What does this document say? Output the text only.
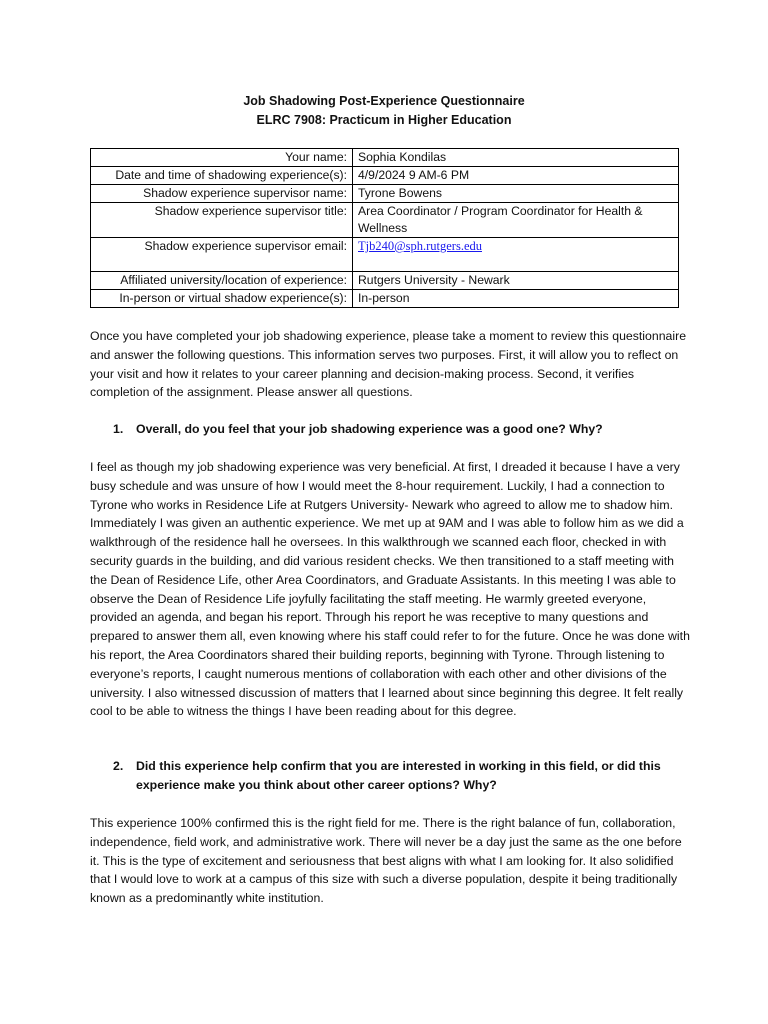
Job Shadowing Post-Experience Questionnaire
ELRC 7908: Practicum in Higher Education
Your name:	Sophia Kondilas
Date and time of shadowing experience(s):	4/9/2024 9 AM-6 PM
Shadow experience supervisor name:	Tyrone Bowens
Shadow experience supervisor title:	Area Coordinator / Program Coordinator for Health & Wellness
Shadow experience supervisor email:	Tjb240@sph.rutgers.edu
Affiliated university/location of experience:	Rutgers University - Newark
In-person or virtual shadow experience(s):	In-person
Once you have completed your job shadowing experience, please take a moment to review this questionnaire and answer the following questions. This information serves two purposes. First, it will allow you to reflect on your visit and how it relates to your career planning and decision-making process. Second, it verifies completion of the assignment. Please answer all questions.
1. Overall, do you feel that your job shadowing experience was a good one? Why?
I feel as though my job shadowing experience was very beneficial. At first, I dreaded it because I have a very busy schedule and was unsure of how I would meet the 8-hour requirement. Luckily, I had a connection to Tyrone who works in Residence Life at Rutgers University- Newark who agreed to allow me to shadow him. Immediately I was given an authentic experience. We met up at 9AM and I was able to follow him as we did a walkthrough of the residence hall he oversees. In this walkthrough we scanned each floor, checked in with security guards in the building, and did various resident checks. We then transitioned to a staff meeting with the Dean of Residence Life, other Area Coordinators, and Graduate Assistants. In this meeting I was able to observe the Dean of Residence Life joyfully facilitating the staff meeting. He warmly greeted everyone, provided an agenda, and began his report. Through his report he was receptive to many questions and prepared to answer them all, even knowing where his staff could refer to for the future. Once he was done with his report, the Area Coordinators shared their building reports, beginning with Tyrone. Through listening to everyone’s reports, I caught numerous mentions of collaboration with each other and other divisions of the university. I also witnessed discussion of matters that I learned about since beginning this degree. It felt really cool to be able to witness the things I have been reading about for this degree.
2. Did this experience help confirm that you are interested in working in this field, or did this experience make you think about other career options? Why?
This experience 100% confirmed this is the right field for me. There is the right balance of fun, collaboration, independence, field work, and administrative work. There will never be a day just the same as the one before it. This is the type of excitement and seriousness that best aligns with what I am looking for. It also solidified that I would love to work at a campus of this size with such a diverse population, despite it being traditionally known as a predominantly white institution.
